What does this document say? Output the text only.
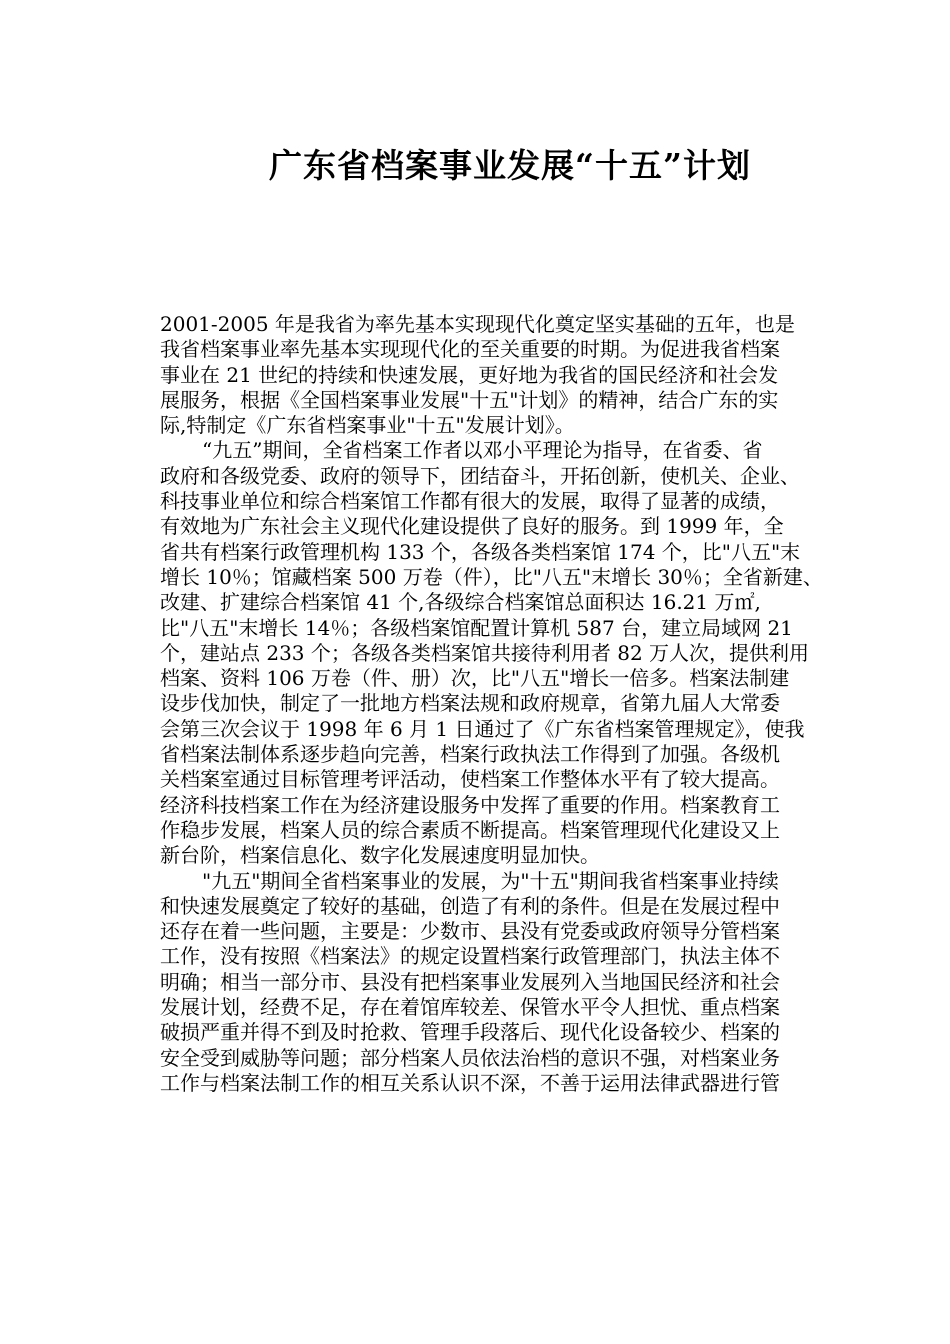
广东省档案事业发展“十五”计划
2001-2005 年是我省为率先基本实现现代化奠定坚实基础的五年，也是
我省档案事业率先基本实现现代化的至关重要的时期。为促进我省档案
事业在 21 世纪的持续和快速发展，更好地为我省的国民经济和社会发
展服务，根据《全国档案事业发展"十五"计划》的精神，结合广东的实
际,特制定《广东省档案事业"十五"发展计划》。
“九五”期间，全省档案工作者以邓小平理论为指导，在省委、省
政府和各级党委、政府的领导下，团结奋斗，开拓创新，使机关、企业、
科技事业单位和综合档案馆工作都有很大的发展，取得了显著的成绩，
有效地为广东社会主义现代化建设提供了良好的服务。到 1999 年，全
省共有档案行政管理机构 133 个，各级各类档案馆 174 个，比"八五"末
增长 10％；馆藏档案 500 万卷（件），比"八五"末增长 30％；全省新建、
改建、扩建综合档案馆 41 个,各级综合档案馆总面积达 16.21 万㎡,
比"八五"末增长 14％；各级档案馆配置计算机 587 台，建立局域网 21
个，建站点 233 个；各级各类档案馆共接待利用者 82 万人次，提供利用
档案、资料 106 万卷（件、册）次，比"八五"增长一倍多。档案法制建
设步伐加快，制定了一批地方档案法规和政府规章，省第九届人大常委
会第三次会议于 1998 年 6 月 1 日通过了《广东省档案管理规定》，使我
省档案法制体系逐步趋向完善，档案行政执法工作得到了加强。各级机
关档案室通过目标管理考评活动，使档案工作整体水平有了较大提高。
经济科技档案工作在为经济建设服务中发挥了重要的作用。档案教育工
作稳步发展，档案人员的综合素质不断提高。档案管理现代化建设又上
新台阶，档案信息化、数字化发展速度明显加快。
"九五"期间全省档案事业的发展，为"十五"期间我省档案事业持续
和快速发展奠定了较好的基础，创造了有利的条件。但是在发展过程中
还存在着一些问题，主要是：少数市、县没有党委或政府领导分管档案
工作，没有按照《档案法》的规定设置档案行政管理部门，执法主体不
明确；相当一部分市、县没有把档案事业发展列入当地国民经济和社会
发展计划，经费不足，存在着馆库较差、保管水平令人担忧、重点档案
破损严重并得不到及时抢救、管理手段落后、现代化设备较少、档案的
安全受到威胁等问题；部分档案人员依法治档的意识不强，对档案业务
工作与档案法制工作的相互关系认识不深，不善于运用法律武器进行管
